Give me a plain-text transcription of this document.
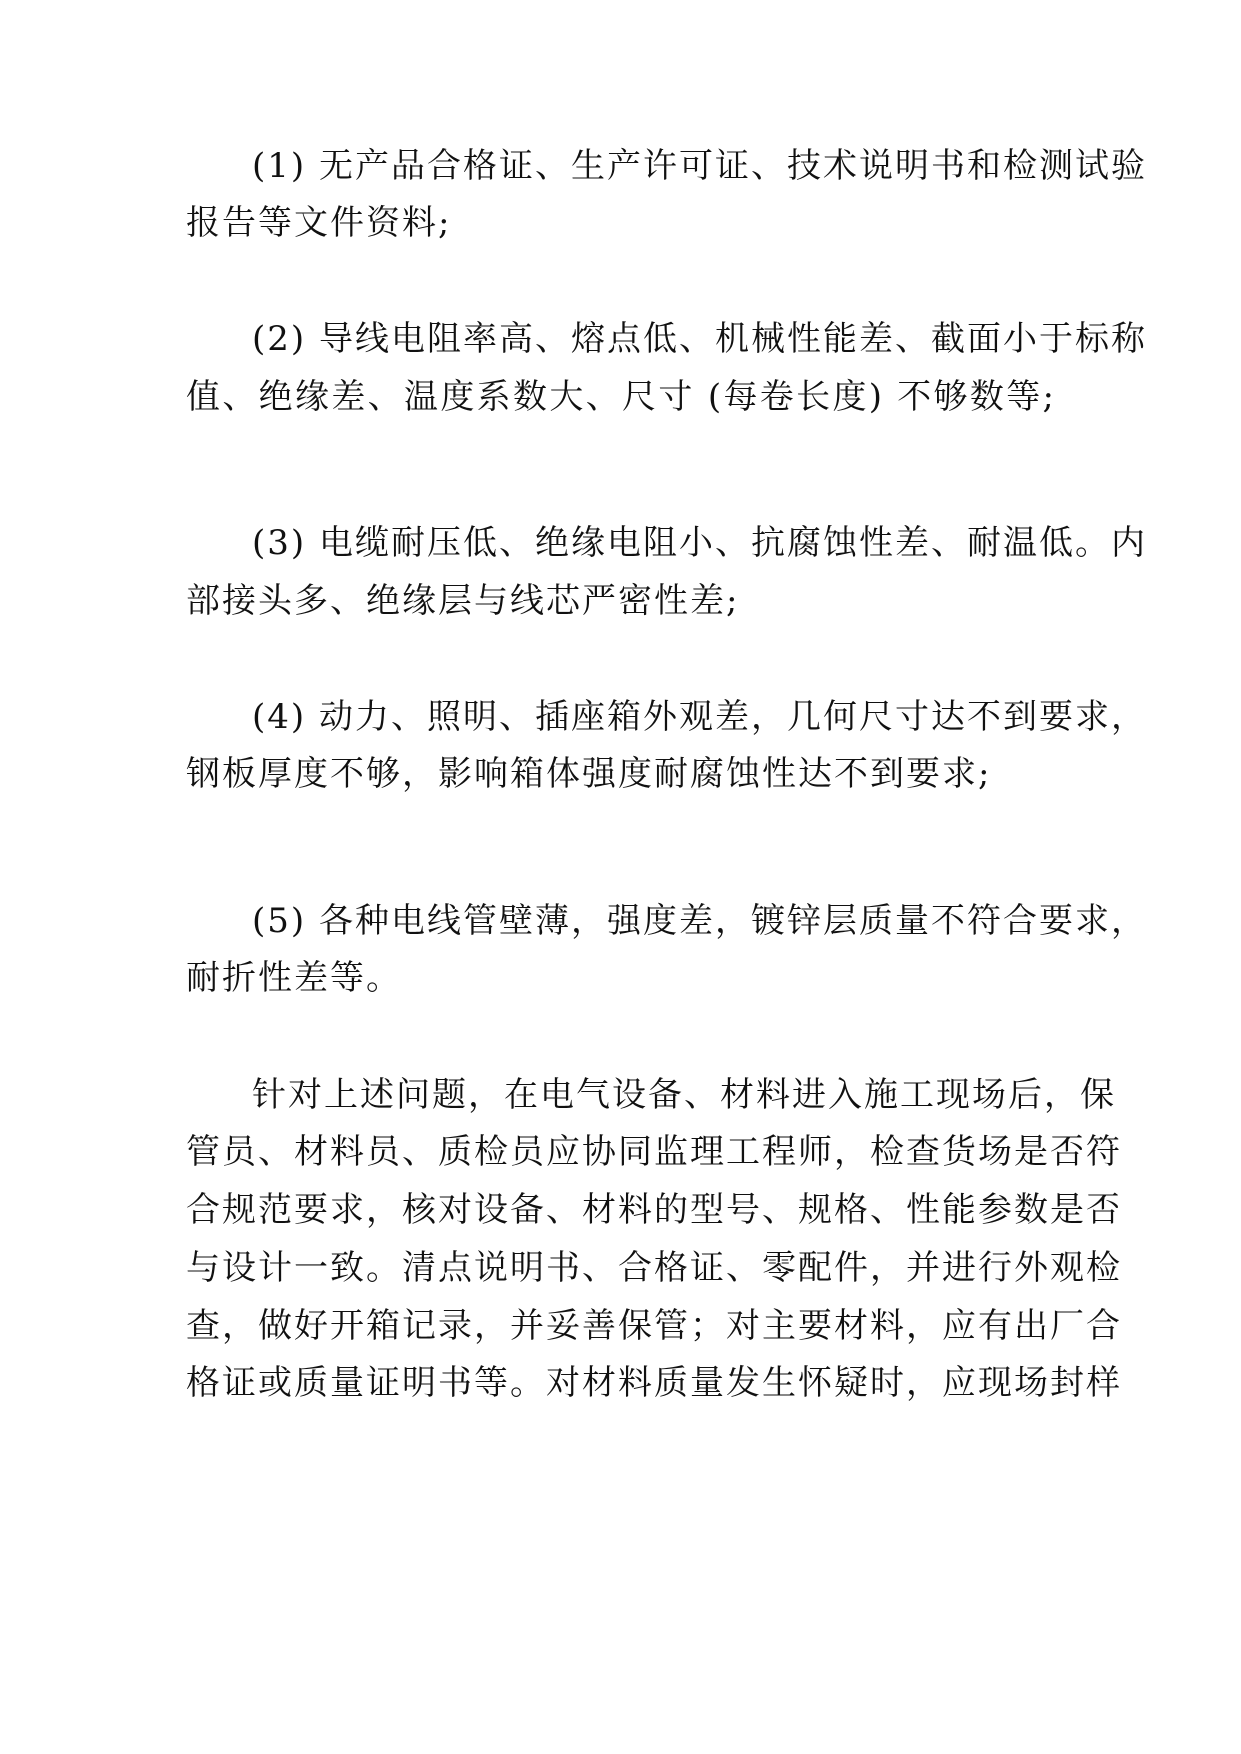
(1) 无产品合格证、生产许可证、技术说明书和检测试验
报告等文件资料;
(2) 导线电阻率高、熔点低、机械性能差、截面小于标称
值、绝缘差、温度系数大、尺寸 (每卷长度) 不够数等;
(3) 电缆耐压低、绝缘电阻小、抗腐蚀性差、耐温低。内
部接头多、绝缘层与线芯严密性差;
(4) 动力、照明、插座箱外观差，几何尺寸达不到要求，
钢板厚度不够，影响箱体强度耐腐蚀性达不到要求;
(5) 各种电线管壁薄，强度差，镀锌层质量不符合要求，
耐折性差等。
针对上述问题，在电气设备、材料进入施工现场后，保
管员、材料员、质检员应协同监理工程师，检查货场是否符
合规范要求，核对设备、材料的型号、规格、性能参数是否
与设计一致。清点说明书、合格证、零配件，并进行外观检
查，做好开箱记录，并妥善保管；对主要材料，应有出厂合
格证或质量证明书等。对材料质量发生怀疑时，应现场封样
